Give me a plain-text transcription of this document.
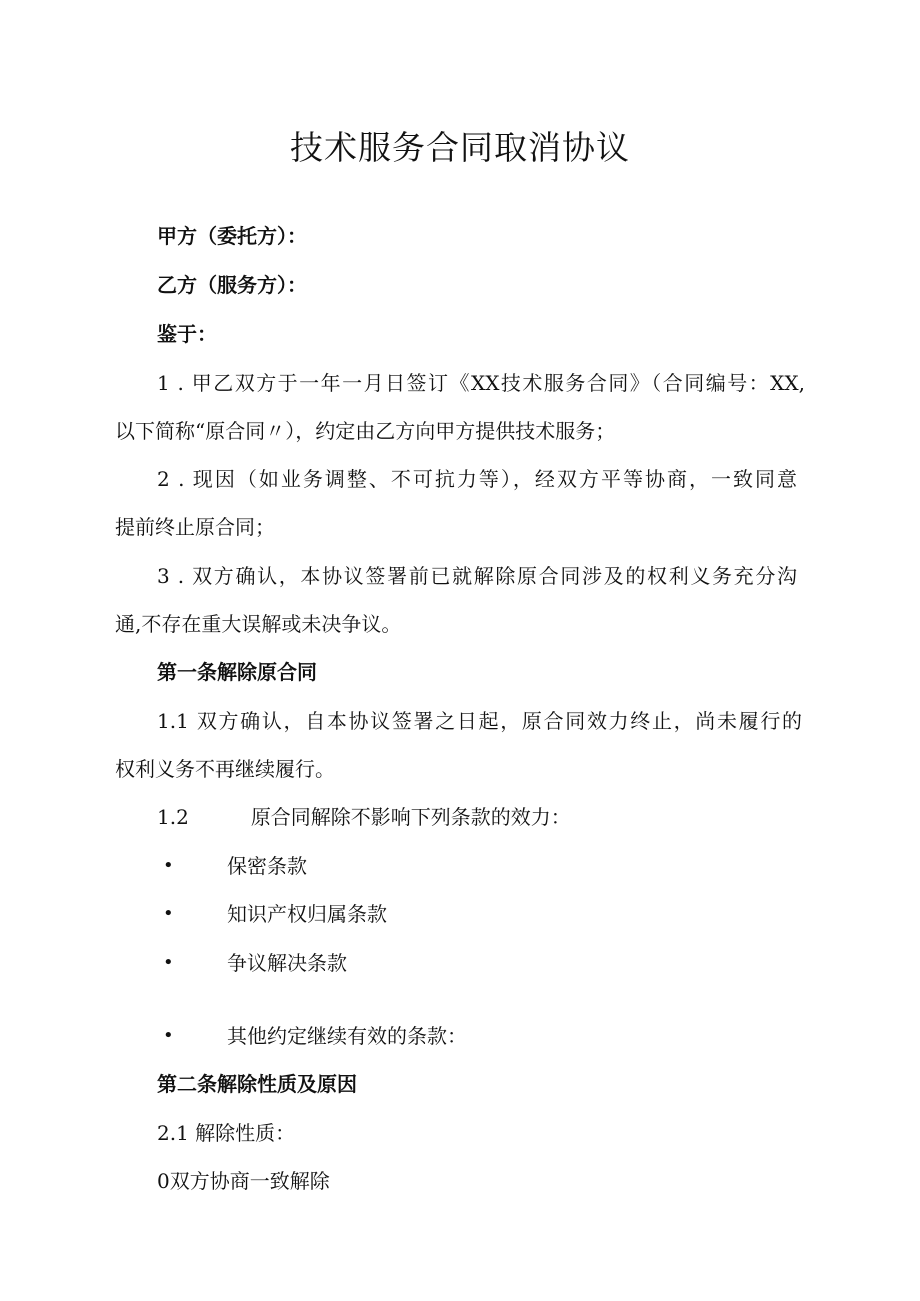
技术服务合同取消协议
甲方（委托方）：
乙方（服务方）：
鉴于：
1 . 甲乙双方于一年一月日签订《XX技术服务合同》（合同编号：XX,
以下简称“原合同〃），约定由乙方向甲方提供技术服务；
2 . 现因（如业务调整、不可抗力等），经双方平等协商，一致同意
提前终止原合同；
3 . 双方确认，本协议签署前已就解除原合同涉及的权利义务充分沟
通,不存在重大误解或未决争议。
第一条解除原合同
1.1 双方确认，自本协议签署之日起，原合同效力终止，尚未履行的
权利义务不再继续履行。
1.2	原合同解除不影响下列条款的效力：
•	保密条款
•	知识产权归属条款
•	争议解决条款
•	其他约定继续有效的条款：
第二条解除性质及原因
2.1 解除性质：
0双方协商一致解除
